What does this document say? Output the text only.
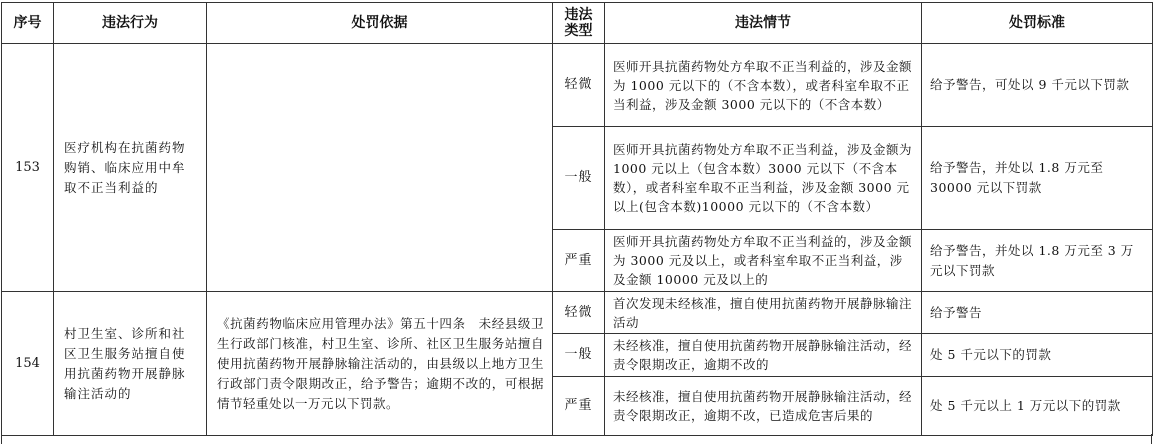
序号	违法行为	处罚依据	违法类型	违法情节	处罚标准
153	医疗机构在抗菌药物购销、临床应用中牟取不正当利益的		轻微	医师开具抗菌药物处方牟取不正当利益的，涉及金额为 1000 元以下的（不含本数），或者科室牟取不正当利益，涉及金额 3000 元以下的（不含本数）	给予警告，可处以 9 千元以下罚款
			一般	医师开具抗菌药物处方牟取不正当利益，涉及金额为 1000 元以上（包含本数）3000 元以下（不含本数），或者科室牟取不正当利益，涉及金额 3000 元以上(包含本数)10000 元以下的（不含本数）	给予警告，并处以 1.8 万元至 30000 元以下罚款
			严重	医师开具抗菌药物处方牟取不正当利益的，涉及金额为 3000 元及以上，或者科室牟取不正当利益，涉及金额 10000 元及以上的	给予警告，并处以 1.8 万元至 3 万元以下罚款
154	村卫生室、诊所和社区卫生服务站擅自使用抗菌药物开展静脉输注活动的	《抗菌药物临床应用管理办法》第五十四条　未经县级卫生行政部门核准，村卫生室、诊所、社区卫生服务站擅自使用抗菌药物开展静脉输注活动的，由县级以上地方卫生行政部门责令限期改正，给予警告；逾期不改的，可根据情节轻重处以一万元以下罚款。	轻微	首次发现未经核准，擅自使用抗菌药物开展静脉输注活动	给予警告
			一般	未经核准，擅自使用抗菌药物开展静脉输注活动，经责令限期改正，逾期不改的	处 5 千元以下的罚款
			严重	未经核准，擅自使用抗菌药物开展静脉输注活动，经责令限期改正，逾期不改，已造成危害后果的	处 5 千元以上 1 万元以下的罚款
